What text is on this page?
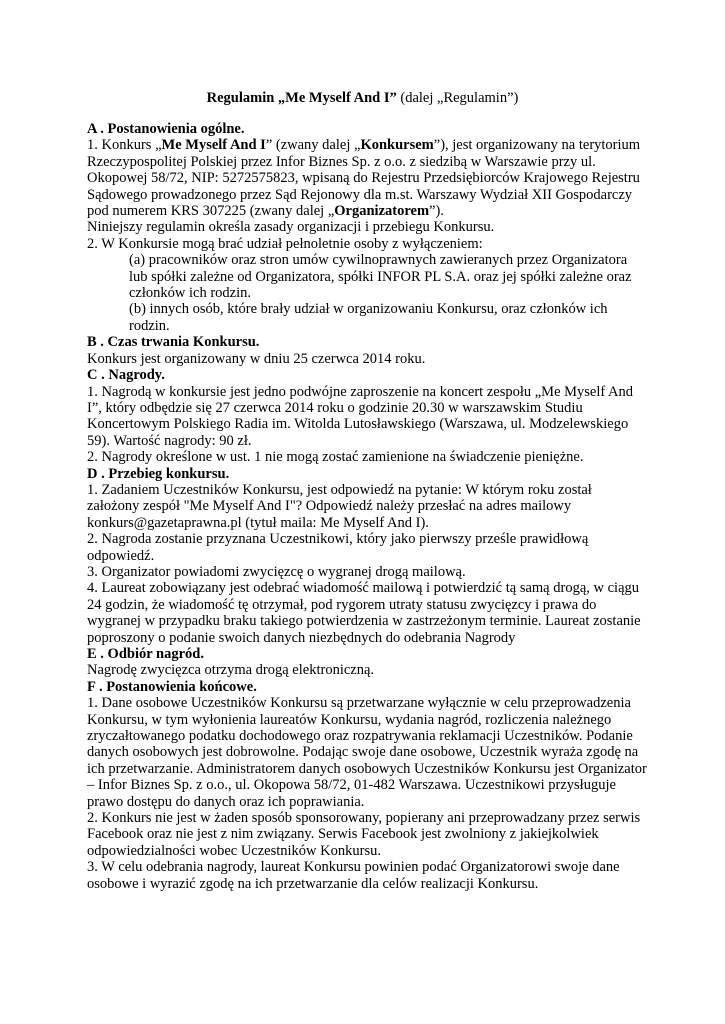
Regulamin „Me Myself And I” (dalej „Regulamin”)

A . Postanowienia ogólne.

1. Konkurs „Me Myself And I” (zwany dalej „Konkursem”), jest organizowany na terytorium Rzeczypospolitej Polskiej przez Infor Biznes Sp. z o.o. z siedzibą w Warszawie przy ul. Okopowej 58/72, NIP: 5272575823, wpisaną do Rejestru Przedsiębiorców Krajowego Rejestru Sądowego prowadzonego przez Sąd Rejonowy dla m.st. Warszawy Wydział XII Gospodarczy pod numerem KRS 307225 (zwany dalej „Organizatorem”).

Niniejszy regulamin określa zasady organizacji i przebiegu Konkursu.

2. W Konkursie mogą brać udział pełnoletnie osoby z wyłączeniem:

(a) pracowników oraz stron umów cywilnoprawnych zawieranych przez Organizatora lub spółki zależne od Organizatora, spółki INFOR PL S.A. oraz jej spółki zależne oraz członków ich rodzin.

(b) innych osób, które brały udział w organizowaniu Konkursu, oraz członków ich rodzin.

B . Czas trwania Konkursu.

Konkurs jest organizowany w dniu 25 czerwca 2014 roku.

C . Nagrody.

1. Nagrodą w konkursie jest jedno podwójne zaproszenie na koncert zespołu „Me Myself And I”, który odbędzie się 27 czerwca 2014 roku o godzinie 20.30 w warszawskim Studiu Koncertowym Polskiego Radia im. Witolda Lutosławskiego (Warszawa, ul. Modzelewskiego 59). Wartość nagrody: 90 zł.

2. Nagrody określone w ust. 1 nie mogą zostać zamienione na świadczenie pieniężne.

D . Przebieg konkursu.

1. Zadaniem Uczestników Konkursu, jest odpowiedź na pytanie: W którym roku został założony zespół "Me Myself And I"? Odpowiedź należy przesłać na adres mailowy konkurs@gazetaprawna.pl (tytuł maila: Me Myself And I).

2. Nagroda zostanie przyznana Uczestnikowi, który jako pierwszy prześle prawidłową odpowiedź.

3. Organizator powiadomi zwycięzcę o wygranej drogą mailową.

4. Laureat zobowiązany jest odebrać wiadomość mailową i potwierdzić tą samą drogą, w ciągu 24 godzin, że wiadomość tę otrzymał, pod rygorem utraty statusu zwycięzcy i prawa do wygranej w przypadku braku takiego potwierdzenia w zastrzeżonym terminie. Laureat zostanie poproszony o podanie swoich danych niezbędnych do odebrania Nagrody

E . Odbiór nagród.

Nagrodę zwycięzca otrzyma drogą elektroniczną.

F . Postanowienia końcowe.

1. Dane osobowe Uczestników Konkursu są przetwarzane wyłącznie w celu przeprowadzenia Konkursu, w tym wyłonienia laureatów Konkursu, wydania nagród, rozliczenia należnego zryczałtowanego podatku dochodowego oraz rozpatrywania reklamacji Uczestników. Podanie danych osobowych jest dobrowolne. Podając swoje dane osobowe, Uczestnik wyraża zgodę na ich przetwarzanie. Administratorem danych osobowych Uczestników Konkursu jest Organizator – Infor Biznes Sp. z o.o., ul. Okopowa 58/72, 01-482 Warszawa. Uczestnikowi przysługuje prawo dostępu do danych oraz ich poprawiania.

2. Konkurs nie jest w żaden sposób sponsorowany, popierany ani przeprowadzany przez serwis Facebook oraz nie jest z nim związany. Serwis Facebook jest zwolniony z jakiejkolwiek odpowiedzialności wobec Uczestników Konkursu.

3. W celu odebrania nagrody, laureat Konkursu powinien podać Organizatorowi swoje dane osobowe i wyrazić zgodę na ich przetwarzanie dla celów realizacji Konkursu.
